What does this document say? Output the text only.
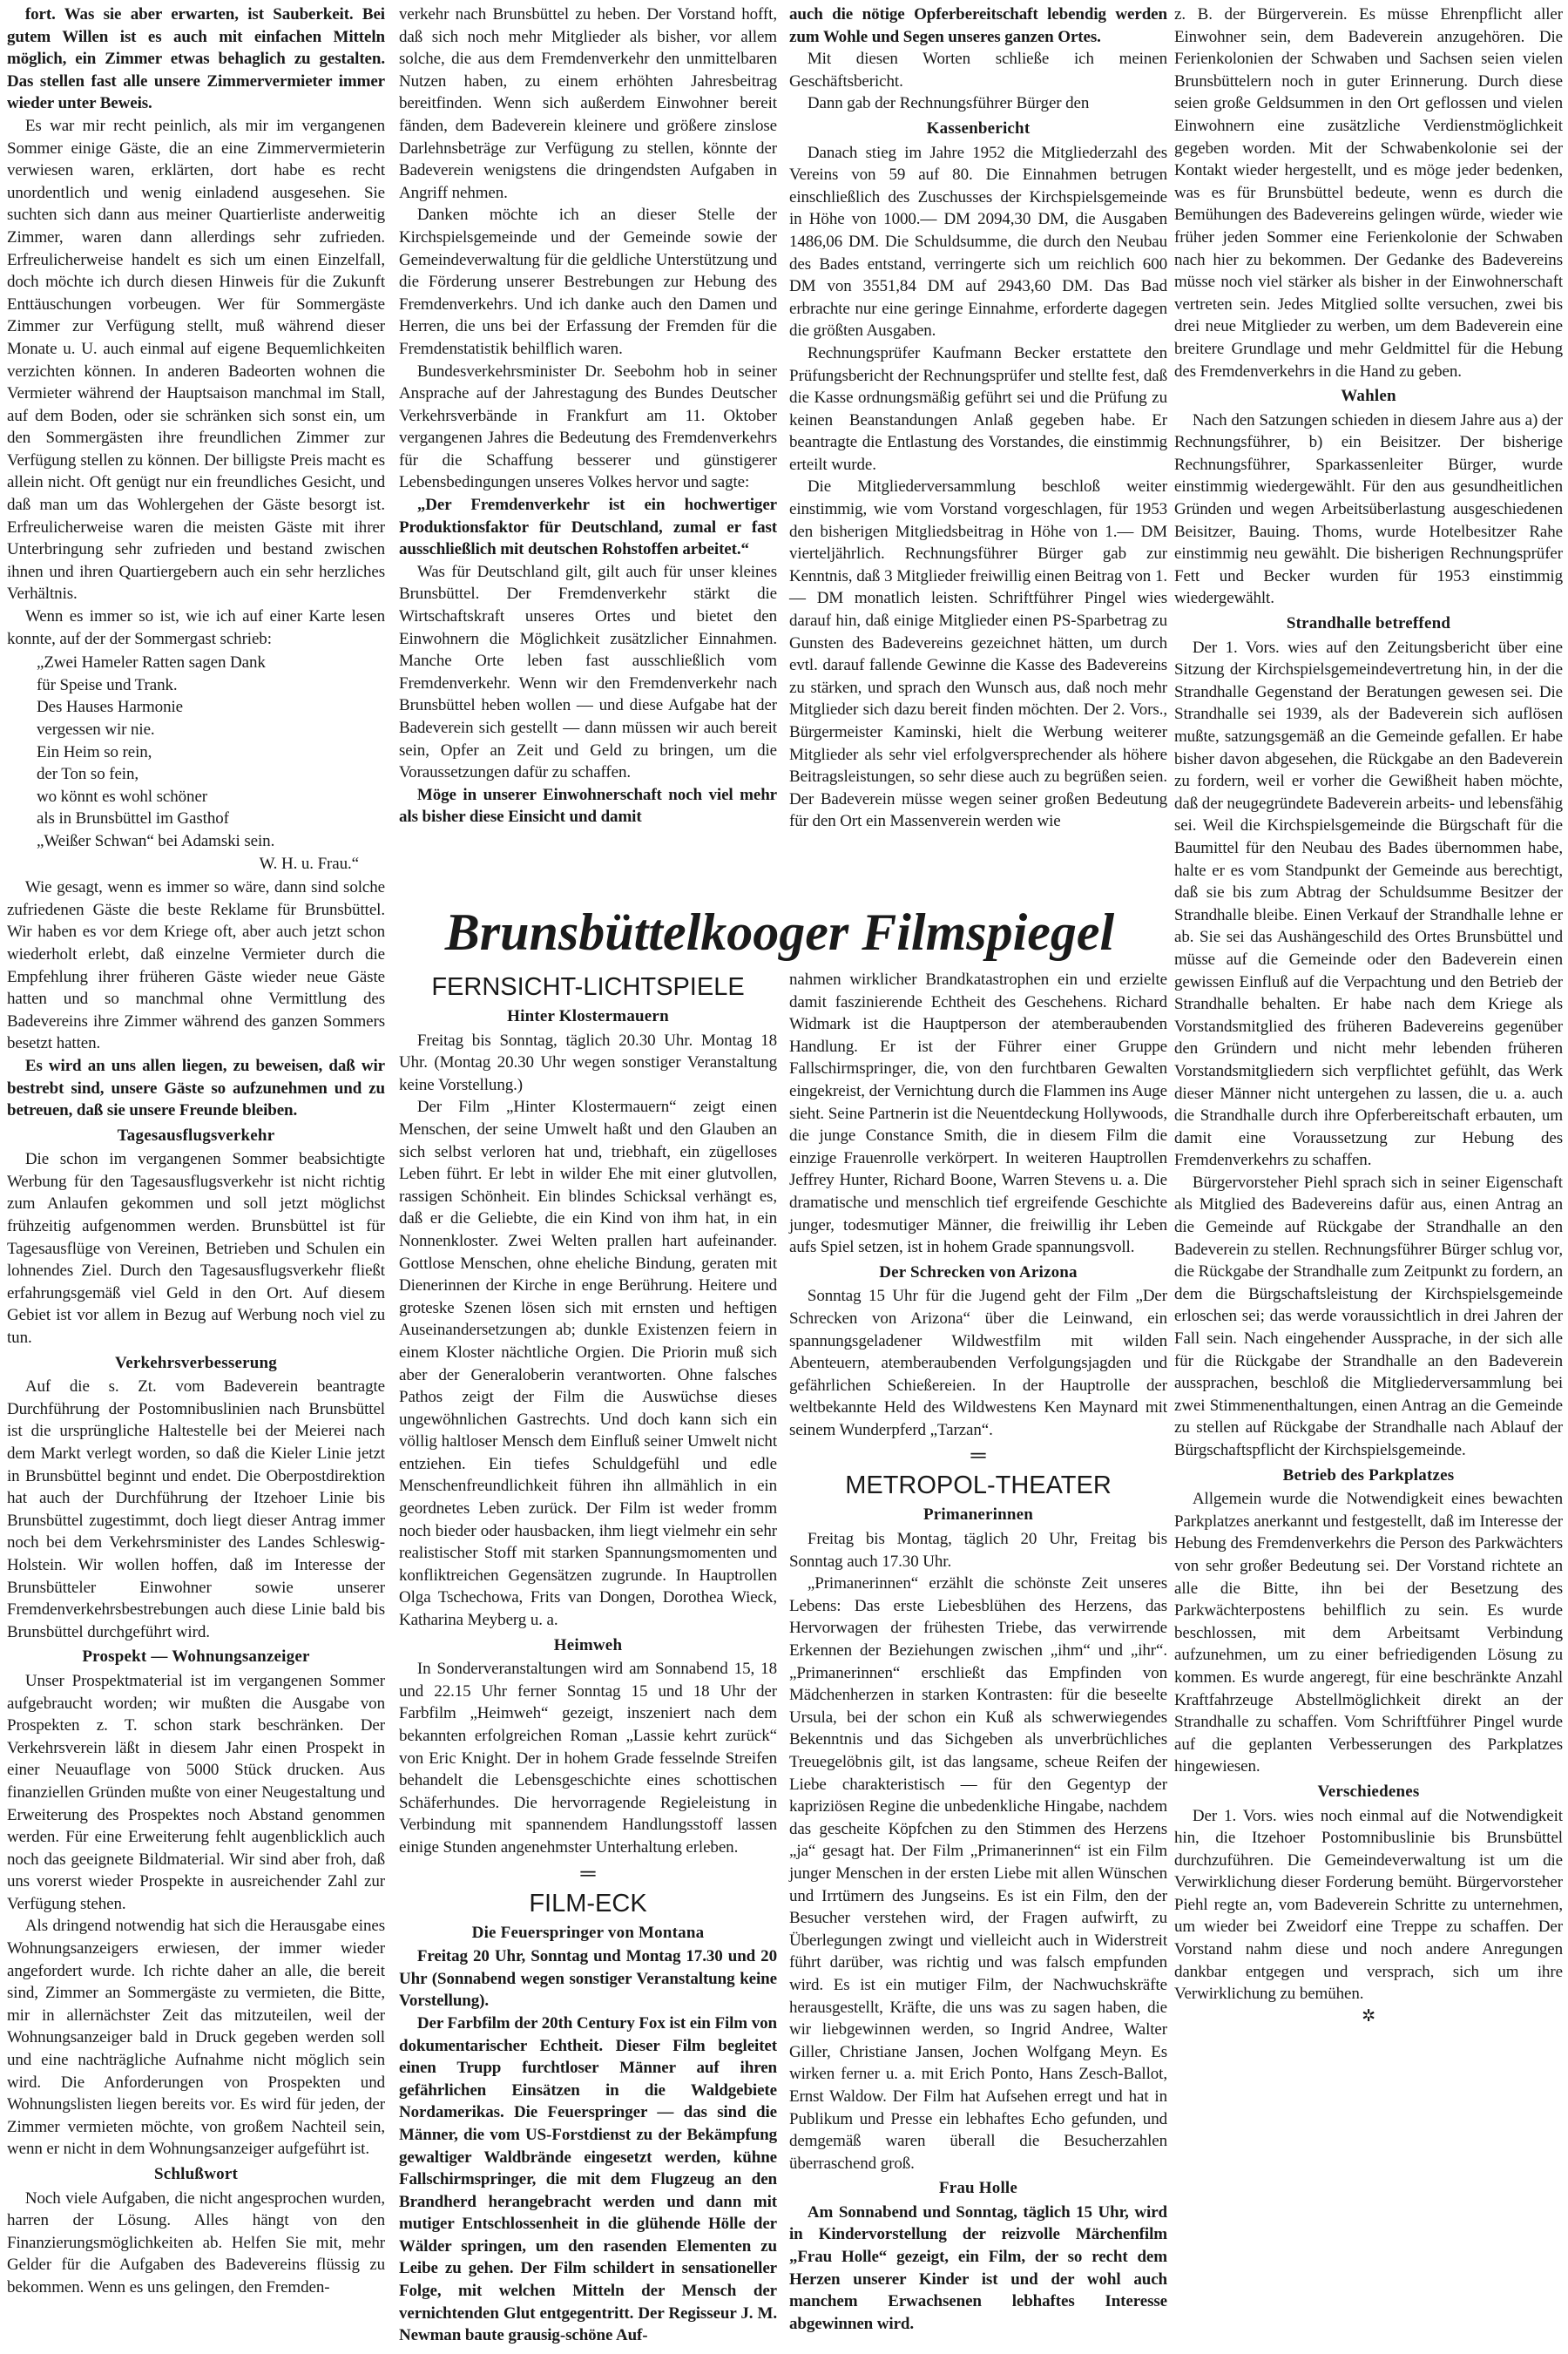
fort. Was sie aber erwarten, ist Sauberkeit. Bei gutem Willen ist es auch mit einfachen Mitteln möglich, ein Zimmer etwas behaglich zu gestalten. Das stellen fast alle unsere Zimmervermieter immer wieder unter Beweis.

Es war mir recht peinlich, als mir im vergangenen Sommer einige Gäste, die an eine Zimmervermieterin verwiesen waren, erklärten, dort habe es recht unordentlich und wenig einladend ausgesehen. Sie suchten sich dann aus meiner Quartierliste anderweitig Zimmer, waren dann allerdings sehr zufrieden. Erfreulicherweise handelt es sich um einen Einzelfall, doch möchte ich durch diesen Hinweis für die Zukunft Enttäuschungen vorbeugen. Wer für Sommergäste Zimmer zur Verfügung stellt, muß während dieser Monate u. U. auch einmal auf eigene Bequemlichkeiten verzichten können. In anderen Badeorten wohnen die Vermieter während der Hauptsaison manchmal im Stall, auf dem Boden, oder sie schränken sich sonst ein, um den Sommergästen ihre freundlichen Zimmer zur Verfügung stellen zu können. Der billigste Preis macht es allein nicht. Oft genügt nur ein freundliches Gesicht, und daß man um das Wohlergehen der Gäste besorgt ist. Erfreulicherweise waren die meisten Gäste mit ihrer Unterbringung sehr zufrieden und bestand zwischen ihnen und ihren Quartiergebern auch ein sehr herzliches Verhältnis.

Wenn es immer so ist, wie ich auf einer Karte lesen konnte, auf der der Sommergast schrieb:

„Zwei Hameler Ratten sagen Dank
für Speise und Trank.
Des Hauses Harmonie
vergessen wir nie.
Ein Heim so rein,
der Ton so fein,
wo könnt es wohl schöner
als in Brunsbüttel im Gasthof
„Weißer Schwan“ bei Adamski sein.
W. H. u. Frau.“

Wie gesagt, wenn es immer so wäre, dann sind solche zufriedenen Gäste die beste Reklame für Brunsbüttel. Wir haben es vor dem Kriege oft, aber auch jetzt schon wiederholt erlebt, daß einzelne Vermieter durch die Empfehlung ihrer früheren Gäste wieder neue Gäste hatten und so manchmal ohne Vermittlung des Badevereins ihre Zimmer während des ganzen Sommers besetzt hatten.

Es wird an uns allen liegen, zu beweisen, daß wir bestrebt sind, unsere Gäste so aufzunehmen und zu betreuen, daß sie unsere Freunde bleiben.

Tagesausflugsverkehr

Die schon im vergangenen Sommer beabsichtigte Werbung für den Tagesausflugsverkehr ist nicht richtig zum Anlaufen gekommen und soll jetzt möglichst frühzeitig aufgenommen werden. Brunsbüttel ist für Tagesausflüge von Vereinen, Betrieben und Schulen ein lohnendes Ziel. Durch den Tagesausflugsverkehr fließt erfahrungsgemäß viel Geld in den Ort. Auf diesem Gebiet ist vor allem in Bezug auf Werbung noch viel zu tun.

Verkehrsverbesserung

Auf die s. Zt. vom Badeverein beantragte Durchführung der Postomnibuslinien nach Brunsbüttel ist die ursprüngliche Haltestelle bei der Meierei nach dem Markt verlegt worden, so daß die Kieler Linie jetzt in Brunsbüttel beginnt und endet. Die Oberpostdirektion hat auch der Durchführung der Itzehoer Linie bis Brunsbüttel zugestimmt, doch liegt dieser Antrag immer noch bei dem Verkehrsminister des Landes Schleswig-Holstein. Wir wollen hoffen, daß im Interesse der Brunsbütteler Einwohner sowie unserer Fremdenverkehrsbestrebungen auch diese Linie bald bis Brunsbüttel durchgeführt wird.

Prospekt — Wohnungsanzeiger

Unser Prospektmaterial ist im vergangenen Sommer aufgebraucht worden; wir mußten die Ausgabe von Prospekten z. T. schon stark beschränken. Der Verkehrsverein läßt in diesem Jahr einen Prospekt in einer Neuauflage von 5000 Stück drucken. Aus finanziellen Gründen mußte von einer Neugestaltung und Erweiterung des Prospektes noch Abstand genommen werden. Für eine Erweiterung fehlt augenblicklich auch noch das geeignete Bildmaterial. Wir sind aber froh, daß uns vorerst wieder Prospekte in ausreichender Zahl zur Verfügung stehen.

Als dringend notwendig hat sich die Herausgabe eines Wohnungsanzeigers erwiesen, der immer wieder angefordert wurde. Ich richte daher an alle, die bereit sind, Zimmer an Sommergäste zu vermieten, die Bitte, mir in allernächster Zeit das mitzuteilen, weil der Wohnungsanzeiger bald in Druck gegeben werden soll und eine nachträgliche Aufnahme nicht möglich sein wird. Die Anforderungen von Prospekten und Wohnungslisten liegen bereits vor. Es wird für jeden, der Zimmer vermieten möchte, von großem Nachteil sein, wenn er nicht in dem Wohnungsanzeiger aufgeführt ist.

Schlußwort

Noch viele Aufgaben, die nicht angesprochen wurden, harren der Lösung. Alles hängt von den Finanzierungsmöglichkeiten ab. Helfen Sie mit, mehr Gelder für die Aufgaben des Badevereins flüssig zu bekommen. Wenn es uns gelingen, den Fremden-

verkehr nach Brunsbüttel zu heben. Der Vorstand hofft, daß sich noch mehr Mitglieder als bisher, vor allem solche, die aus dem Fremdenverkehr den unmittelbaren Nutzen haben, zu einem erhöhten Jahresbeitrag bereitfinden. Wenn sich außerdem Einwohner bereit fänden, dem Badeverein kleinere und größere zinslose Darlehnsbeträge zur Verfügung zu stellen, könnte der Badeverein wenigstens die dringendsten Aufgaben in Angriff nehmen.

Danken möchte ich an dieser Stelle der Kirchspielsgemeinde und der Gemeinde sowie der Gemeindeverwaltung für die geldliche Unterstützung und die Förderung unserer Bestrebungen zur Hebung des Fremdenverkehrs. Und ich danke auch den Damen und Herren, die uns bei der Erfassung der Fremden für die Fremdenstatistik behilflich waren.

Bundesverkehrsminister Dr. Seebohm hob in seiner Ansprache auf der Jahrestagung des Bundes Deutscher Verkehrsverbände in Frankfurt am 11. Oktober vergangenen Jahres die Bedeutung des Fremdenverkehrs für die Schaffung besserer und günstigerer Lebensbedingungen unseres Volkes hervor und sagte:

„Der Fremdenverkehr ist ein hochwertiger Produktionsfaktor für Deutschland, zumal er fast ausschließlich mit deutschen Rohstoffen arbeitet.“

Was für Deutschland gilt, gilt auch für unser kleines Brunsbüttel. Der Fremdenverkehr stärkt die Wirtschaftskraft unseres Ortes und bietet den Einwohnern die Möglichkeit zusätzlicher Einnahmen. Manche Orte leben fast ausschließlich vom Fremdenverkehr. Wenn wir den Fremdenverkehr nach Brunsbüttel heben wollen — und diese Aufgabe hat der Badeverein sich gestellt — dann müssen wir auch bereit sein, Opfer an Zeit und Geld zu bringen, um die Voraussetzungen dafür zu schaffen.

Möge in unserer Einwohnerschaft noch viel mehr als bisher diese Einsicht und damit

auch die nötige Opferbereitschaft lebendig werden zum Wohle und Segen unseres ganzen Ortes.

Mit diesen Worten schließe ich meinen Geschäftsbericht.

Dann gab der Rechnungsführer Bürger den

Kassenbericht

Danach stieg im Jahre 1952 die Mitgliederzahl des Vereins von 59 auf 80. Die Einnahmen betrugen einschließlich des Zuschusses der Kirchspielsgemeinde in Höhe von 1000.— DM 2094,30 DM, die Ausgaben 1486,06 DM. Die Schuldsumme, die durch den Neubau des Bades entstand, verringerte sich um reichlich 600 DM von 3551,84 DM auf 2943,60 DM. Das Bad erbrachte nur eine geringe Einnahme, erforderte dagegen die größten Ausgaben.

Rechnungsprüfer Kaufmann Becker erstattete den Prüfungsbericht der Rechnungsprüfer und stellte fest, daß die Kasse ordnungsmäßig geführt sei und die Prüfung zu keinen Beanstandungen Anlaß gegeben habe. Er beantragte die Entlastung des Vorstandes, die einstimmig erteilt wurde.

Die Mitgliederversammlung beschloß weiter einstimmig, wie vom Vorstand vorgeschlagen, für 1953 den bisherigen Mitgliedsbeitrag in Höhe von 1.— DM vierteljährlich. Rechnungsführer Bürger gab zur Kenntnis, daß 3 Mitglieder freiwillig einen Beitrag von 1.— DM monatlich leisten. Schriftführer Pingel wies darauf hin, daß einige Mitglieder einen PS-Sparbetrag zu Gunsten des Badevereins gezeichnet hätten, um durch evtl. darauf fallende Gewinne die Kasse des Badevereins zu stärken, und sprach den Wunsch aus, daß noch mehr Mitglieder sich dazu bereit finden möchten. Der 2. Vors., Bürgermeister Kaminski, hielt die Werbung weiterer Mitglieder als sehr viel erfolgversprechender als höhere Beitragsleistungen, so sehr diese auch zu begrüßen seien. Der Badeverein müsse wegen seiner großen Bedeutung für den Ort ein Massenverein werden wie

z. B. der Bürgerverein. Es müsse Ehrenpflicht aller Einwohner sein, dem Badeverein anzugehören. Die Ferienkolonien der Schwaben und Sachsen seien vielen Brunsbüttelern noch in guter Erinnerung. Durch diese seien große Geldsummen in den Ort geflossen und vielen Einwohnern eine zusätzliche Verdienstmöglichkeit gegeben worden. Mit der Schwabenkolonie sei der Kontakt wieder hergestellt, und es möge jeder bedenken, was es für Brunsbüttel bedeute, wenn es durch die Bemühungen des Badevereins gelingen würde, wieder wie früher jeden Sommer eine Ferienkolonie der Schwaben nach hier zu bekommen. Der Gedanke des Badevereins müsse noch viel stärker als bisher in der Einwohnerschaft vertreten sein. Jedes Mitglied sollte versuchen, zwei bis drei neue Mitglieder zu werben, um dem Badeverein eine breitere Grundlage und mehr Geldmittel für die Hebung des Fremdenverkehrs in die Hand zu geben.

Wahlen

Nach den Satzungen schieden in diesem Jahre aus a) der Rechnungsführer, b) ein Beisitzer. Der bisherige Rechnungsführer, Sparkassenleiter Bürger, wurde einstimmig wiedergewählt. Für den aus gesundheitlichen Gründen und wegen Arbeitsüberlastung ausgeschiedenen Beisitzer, Bauing. Thoms, wurde Hotelbesitzer Rahe einstimmig neu gewählt. Die bisherigen Rechnungsprüfer Fett und Becker wurden für 1953 einstimmig wiedergewählt.

Strandhalle betreffend

Der 1. Vors. wies auf den Zeitungsbericht über eine Sitzung der Kirchspielsgemeindevertretung hin, in der die Strandhalle Gegenstand der Beratungen gewesen sei. Die Strandhalle sei 1939, als der Badeverein sich auflösen mußte, satzungsgemäß an die Gemeinde gefallen. Er habe bisher davon abgesehen, die Rückgabe an den Badeverein zu fordern, weil er vorher die Gewißheit haben möchte, daß der neugegründete Badeverein arbeits- und lebensfähig sei. Weil die Kirchspielsgemeinde die Bürgschaft für die Baumittel für den Neubau des Bades übernommen habe, halte er es vom Standpunkt der Gemeinde aus berechtigt, daß sie bis zum Abtrag der Schuldsumme Besitzer der Strandhalle bleibe. Einen Verkauf der Strandhalle lehne er ab. Sie sei das Aushängeschild des Ortes Brunsbüttel und müsse auf die Gemeinde oder den Badeverein einen gewissen Einfluß auf die Verpachtung und den Betrieb der Strandhalle behalten. Er habe nach dem Kriege als Vorstandsmitglied des früheren Badevereins gegenüber den Gründern und nicht mehr lebenden früheren Vorstandsmitgliedern sich verpflichtet gefühlt, das Werk dieser Männer nicht untergehen zu lassen, die u. a. auch die Strandhalle durch ihre Opferbereitschaft erbauten, um damit eine Voraussetzung zur Hebung des Fremdenverkehrs zu schaffen.

Bürgervorsteher Piehl sprach sich in seiner Eigenschaft als Mitglied des Badevereins dafür aus, einen Antrag an die Gemeinde auf Rückgabe der Strandhalle an den Badeverein zu stellen. Rechnungsführer Bürger schlug vor, die Rückgabe der Strandhalle zum Zeitpunkt zu fordern, an dem die Bürgschaftsleistung der Kirchspielsgemeinde erloschen sei; das werde voraussichtlich in drei Jahren der Fall sein. Nach eingehender Aussprache, in der sich alle für die Rückgabe der Strandhalle an den Badeverein aussprachen, beschloß die Mitgliederversammlung bei zwei Stimmenenthaltungen, einen Antrag an die Gemeinde zu stellen auf Rückgabe der Strandhalle nach Ablauf der Bürgschaftspflicht der Kirchspielsgemeinde.

Betrieb des Parkplatzes

Allgemein wurde die Notwendigkeit eines bewachten Parkplatzes anerkannt und festgestellt, daß im Interesse der Hebung des Fremdenverkehrs die Person des Parkwächters von sehr großer Bedeutung sei. Der Vorstand richtete an alle die Bitte, ihn bei der Besetzung des Parkwächterpostens behilflich zu sein. Es wurde beschlossen, mit dem Arbeitsamt Verbindung aufzunehmen, um zu einer befriedigenden Lösung zu kommen. Es wurde angeregt, für eine beschränkte Anzahl Kraftfahrzeuge Abstellmöglichkeit direkt an der Strandhalle zu schaffen. Vom Schriftführer Pingel wurde auf die geplanten Verbesserungen des Parkplatzes hingewiesen.

Verschiedenes

Der 1. Vors. wies noch einmal auf die Notwendigkeit hin, die Itzehoer Postomnibuslinie bis Brunsbüttel durchzuführen. Die Gemeindeverwaltung ist um die Verwirklichung dieser Forderung bemüht. Bürgervorsteher Piehl regte an, vom Badeverein Schritte zu unternehmen, um wieder bei Zweidorf eine Treppe zu schaffen. Der Vorstand nahm diese und noch andere Anregungen dankbar entgegen und versprach, sich um ihre Verwirklichung zu bemühen.

✲
Brunsbüttelkooger Filmspiegel
FERNSICHT-LICHTSPIELE
Hinter Klostermauern

Freitag bis Sonntag, täglich 20.30 Uhr. Montag 18 Uhr. (Montag 20.30 Uhr wegen sonstiger Veranstaltung keine Vorstellung.)

Der Film „Hinter Klostermauern“ zeigt einen Menschen, der seine Umwelt haßt und den Glauben an sich selbst verloren hat und, triebhaft, ein zügelloses Leben führt. Er lebt in wilder Ehe mit einer glutvollen, rassigen Schönheit. Ein blindes Schicksal verhängt es, daß er die Geliebte, die ein Kind von ihm hat, in ein Nonnenkloster. Zwei Welten prallen hart aufeinander. Gottlose Menschen, ohne eheliche Bindung, geraten mit Dienerinnen der Kirche in enge Berührung. Heitere und groteske Szenen lösen sich mit ernsten und heftigen Auseinandersetzungen ab; dunkle Existenzen feiern in einem Kloster nächtliche Orgien. Die Priorin muß sich aber der Generaloberin verantworten. Ohne falsches Pathos zeigt der Film die Auswüchse dieses ungewöhnlichen Gastrechts. Und doch kann sich ein völlig haltloser Mensch dem Einfluß seiner Umwelt nicht entziehen. Ein tiefes Schuldgefühl und edle Menschenfreundlichkeit führen ihn allmählich in ein geordnetes Leben zurück. Der Film ist weder fromm noch bieder oder hausbacken, ihm liegt vielmehr ein sehr realistischer Stoff mit starken Spannungsmomenten und konfliktreichen Gegensätzen zugrunde. In Hauptrollen Olga Tschechowa, Frits van Dongen, Dorothea Wieck, Katharina Meyberg u. a.

Heimweh

In Sonderveranstaltungen wird am Sonnabend 15, 18 und 22.15 Uhr ferner Sonntag 15 und 18 Uhr der Farbfilm „Heimweh“ gezeigt, inszeniert nach dem bekannten erfolgreichen Roman „Lassie kehrt zurück“ von Eric Knight. Der in hohem Grade fesselnde Streifen behandelt die Lebensgeschichte eines schottischen Schäferhundes. Die hervorragende Regieleistung in Verbindung mit spannendem Handlungsstoff lassen einige Stunden angenehmster Unterhaltung erleben.

═
FILM-ECK
Die Feuerspringer von Montana

Freitag 20 Uhr, Sonntag und Montag 17.30 und 20 Uhr (Sonnabend wegen sonstiger Veranstaltung keine Vorstellung).

Der Farbfilm der 20th Century Fox ist ein Film von dokumentarischer Echtheit. Dieser Film begleitet einen Trupp furchtloser Männer auf ihren gefährlichen Einsätzen in die Waldgebiete Nordamerikas. Die Feuerspringer — das sind die Männer, die vom US-Forstdienst zu der Bekämpfung gewaltiger Waldbrände eingesetzt werden, kühne Fallschirmspringer, die mit dem Flugzeug an den Brandherd herangebracht werden und dann mit mutiger Entschlossenheit in die glühende Hölle der Wälder springen, um den rasenden Elementen zu Leibe zu gehen. Der Film schildert in sensationeller Folge, mit welchen Mitteln der Mensch der vernichtenden Glut entgegentritt. Der Regisseur J. M. Newman baute grausig-schöne Auf-

nahmen wirklicher Brandkatastrophen ein und erzielte damit faszinierende Echtheit des Geschehens. Richard Widmark ist die Hauptperson der atemberaubenden Handlung. Er ist der Führer einer Gruppe Fallschirmspringer, die, von den furchtbaren Gewalten eingekreist, der Vernichtung durch die Flammen ins Auge sieht. Seine Partnerin ist die Neuentdeckung Hollywoods, die junge Constance Smith, die in diesem Film die einzige Frauenrolle verkörpert. In weiteren Hauptrollen Jeffrey Hunter, Richard Boone, Warren Stevens u. a. Die dramatische und menschlich tief ergreifende Geschichte junger, todesmutiger Männer, die freiwillig ihr Leben aufs Spiel setzen, ist in hohem Grade spannungsvoll.

Der Schrecken von Arizona

Sonntag 15 Uhr für die Jugend geht der Film „Der Schrecken von Arizona“ über die Leinwand, ein spannungsgeladener Wildwestfilm mit wilden Abenteuern, atemberaubenden Verfolgungsjagden und gefährlichen Schießereien. In der Hauptrolle der weltbekannte Held des Wildwestens Ken Maynard mit seinem Wunderpferd „Tarzan“.

═
METROPOL-THEATER
Primanerinnen

Freitag bis Montag, täglich 20 Uhr, Freitag bis Sonntag auch 17.30 Uhr.

„Primanerinnen“ erzählt die schönste Zeit unseres Lebens: Das erste Liebesblühen des Herzens, das Hervorwagen der frühesten Triebe, das verwirrende Erkennen der Beziehungen zwischen „ihm“ und „ihr“. „Primanerinnen“ erschließt das Empfinden von Mädchenherzen in starken Kontrasten: für die beseelte Ursula, bei der schon ein Kuß als schwerwiegendes Bekenntnis und das Sichgeben als unverbrüchliches Treuegelöbnis gilt, ist das langsame, scheue Reifen der Liebe charakteristisch — für den Gegentyp der kapriziösen Regine die unbedenkliche Hingabe, nachdem das gescheite Köpfchen zu den Stimmen des Herzens „ja“ gesagt hat. Der Film „Primanerinnen“ ist ein Film junger Menschen in der ersten Liebe mit allen Wünschen und Irrtümern des Jungseins. Es ist ein Film, den der Besucher verstehen wird, der Fragen aufwirft, zu Überlegungen zwingt und vielleicht auch in Widerstreit führt darüber, was richtig und was falsch empfunden wird. Es ist ein mutiger Film, der Nachwuchskräfte herausgestellt, Kräfte, die uns was zu sagen haben, die wir liebgewinnen werden, so Ingrid Andree, Walter Giller, Christiane Jansen, Jochen Wolfgang Meyn. Es wirken ferner u. a. mit Erich Ponto, Hans Zesch-Ballot, Ernst Waldow. Der Film hat Aufsehen erregt und hat in Publikum und Presse ein lebhaftes Echo gefunden, und demgemäß waren überall die Besucherzahlen überraschend groß.

Frau Holle

Am Sonnabend und Sonntag, täglich 15 Uhr, wird in Kindervorstellung der reizvolle Märchenfilm „Frau Holle“ gezeigt, ein Film, der so recht dem Herzen unserer Kinder ist und der wohl auch manchem Erwachsenen lebhaftes Interesse abgewinnen wird.
